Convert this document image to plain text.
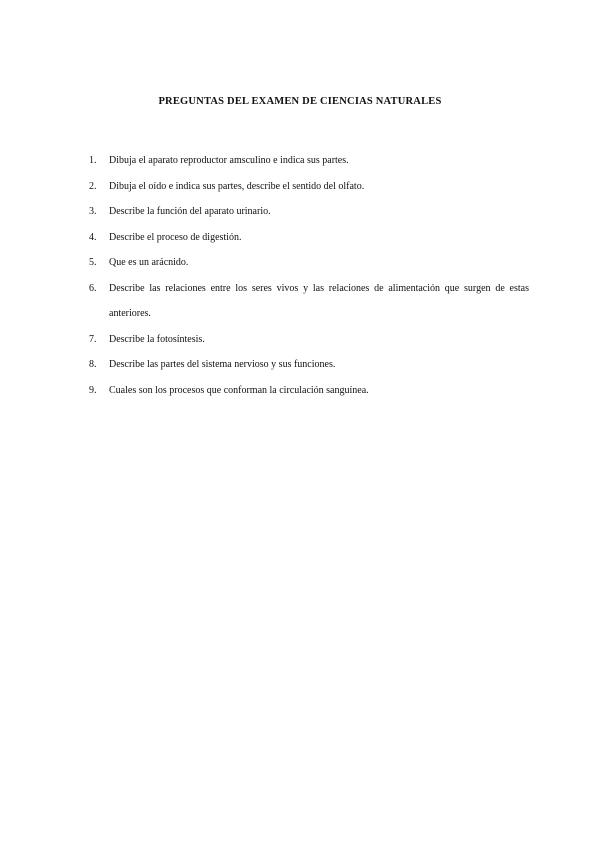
PREGUNTAS DEL EXAMEN DE CIENCIAS NATURALES
1.	Dibuja el aparato reproductor amsculino e indica sus partes.
2.	Dibuja el oído e indica sus partes, describe el sentido del olfato.
3.	Describe la función del aparato urinario.
4.	Describe el proceso de digestión.
5.	Que es un arácnido.
6.	Describe las relaciones entre los seres vivos y las relaciones de alimentación que surgen de estas anteriores.
7.	Describe la fotosíntesis.
8.	Describe las partes del sistema nervioso y sus funciones.
9.	Cuales son los procesos que conforman la circulación sanguínea.
